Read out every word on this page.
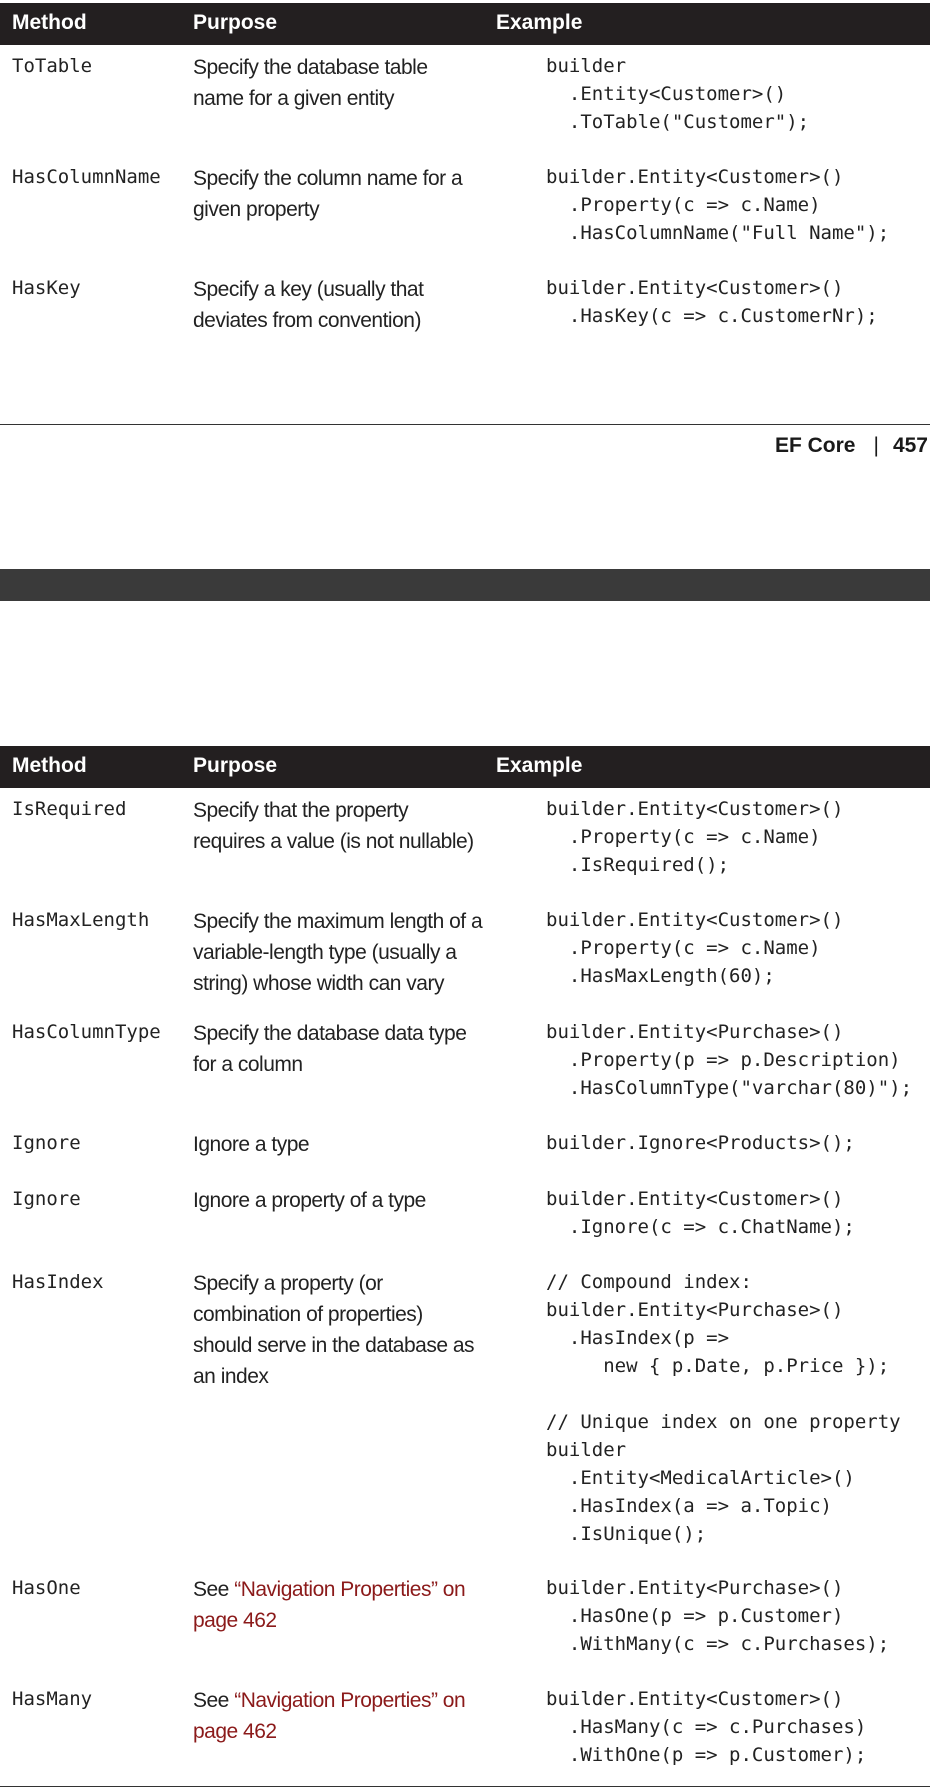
Method	Purpose	Example
ToTable	Specify the database table name for a given entity
builder
.Entity<Customer>()
.ToTable("Customer");
HasColumnName Specify the column name for a given property
builder.Entity<Customer>()
.Property(c => c.Name)
.HasColumnName("Full Name");
HasKey	Specify a key (usually that deviates from convention)
builder.Entity<Customer>()
.HasKey(c => c.CustomerNr);
EF Core | 457
Method	Purpose	Example
IsRequired	Specify that the property requires a value (is not nullable)
builder.Entity<Customer>()
.Property(c => c.Name)
.IsRequired();
HasMaxLength Specify the maximum length of a variable-length type (usually a string) whose width can vary
builder.Entity<Customer>()
.Property(c => c.Name)
.HasMaxLength(60);
HasColumnType Specify the database data type for a column
builder.Entity<Purchase>()
.Property(p => p.Description)
.HasColumnType("varchar(80)");
Ignore	Ignore a type	builder.Ignore<Products>();
Ignore	Ignore a property of a type	builder.Entity<Customer>()
.Ignore(c => c.ChatName);
HasIndex	Specify a property (or combination of properties) should serve in the database as an index
// Compound index:
builder.Entity<Purchase>()
.HasIndex(p =>
new { p.Date, p.Price });

// Unique index on one property
builder
.Entity<MedicalArticle>()
.HasIndex(a => a.Topic)
.IsUnique();
HasOne	See “Navigation Properties” on page 462
builder.Entity<Purchase>()
.HasOne(p => p.Customer)
.WithMany(c => c.Purchases);
HasMany	See “Navigation Properties” on page 462
builder.Entity<Customer>()
.HasMany(c => c.Purchases)
.WithOne(p => p.Customer);
